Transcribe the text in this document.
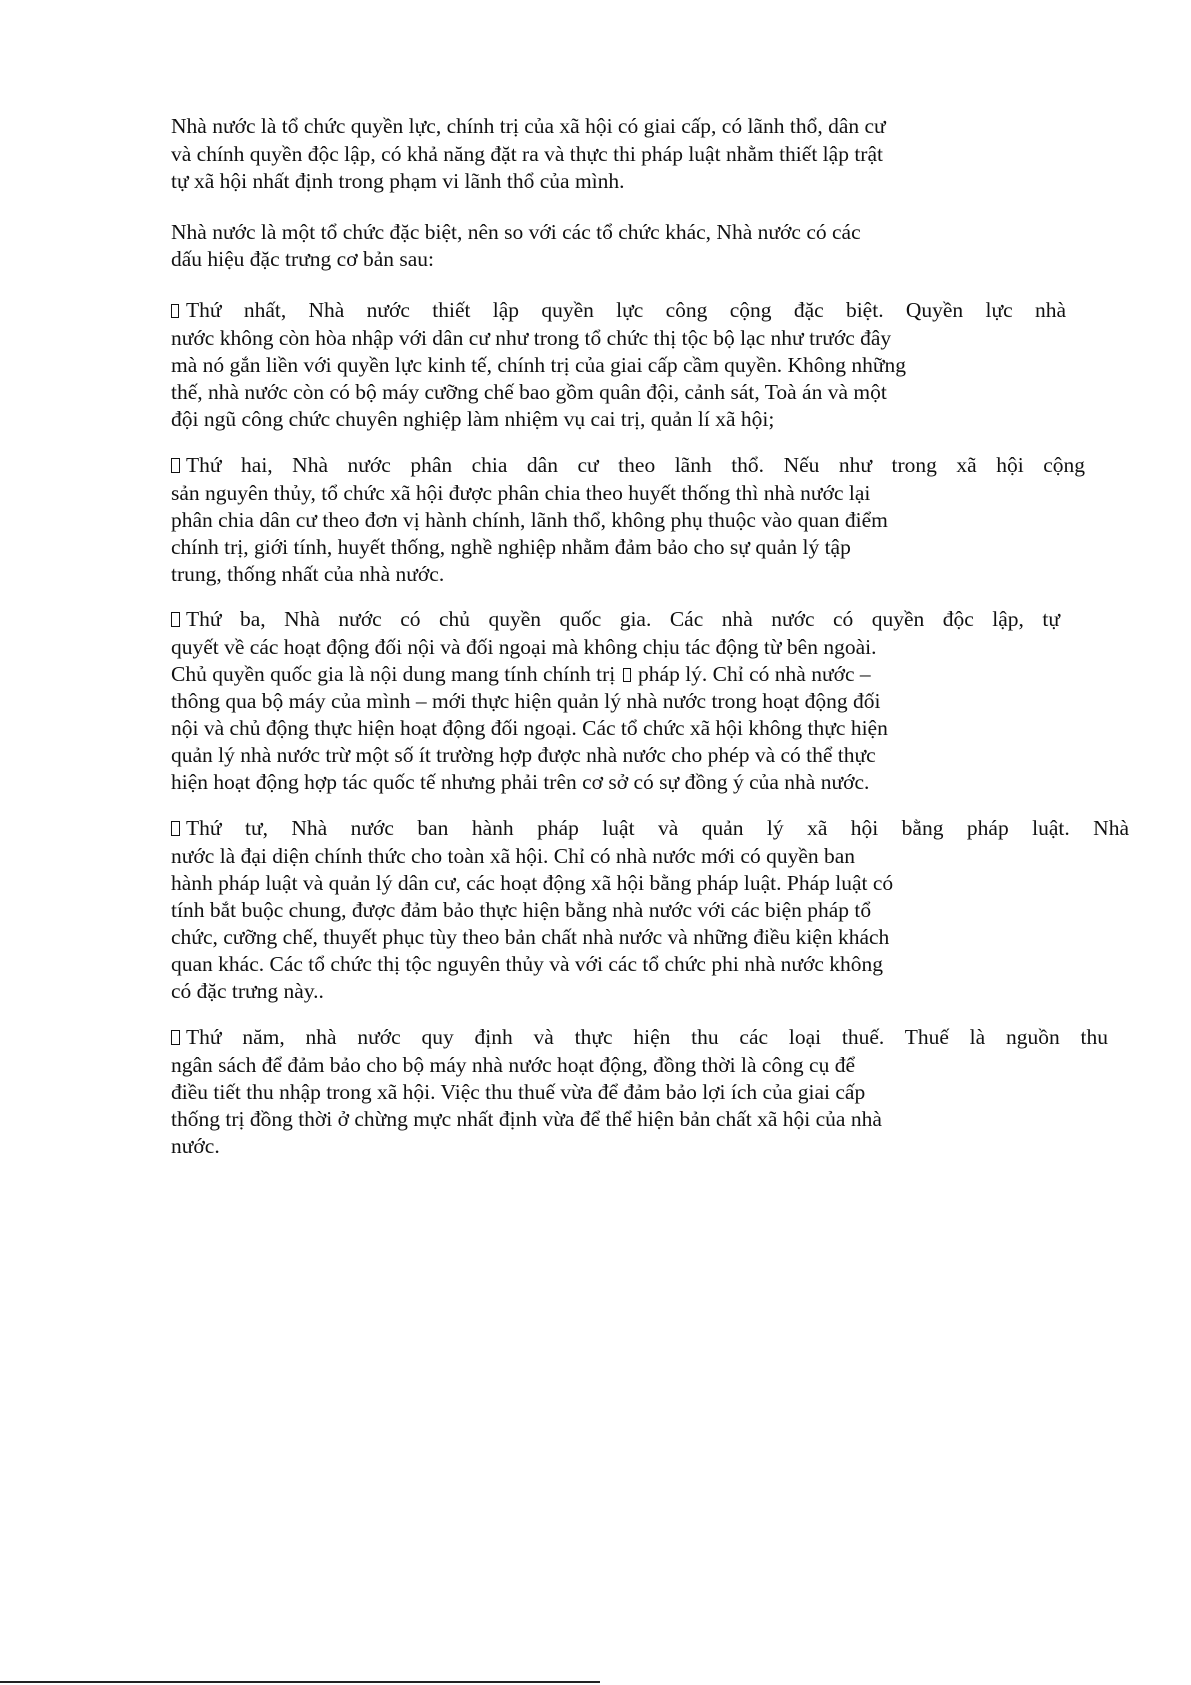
Nhà nước là tổ chức quyền lực, chính trị của xã hội có giai cấp, có lãnh thổ, dân cư
và chính quyền độc lập, có khả năng đặt ra và thực thi pháp luật nhằm thiết lập trật
tự xã hội nhất định trong phạm vi lãnh thổ của mình.
Nhà nước là một tổ chức đặc biệt, nên so với các tổ chức khác, Nhà nước có các
dấu hiệu đặc trưng cơ bản sau:
Thứ nhất, Nhà nước thiết lập quyền lực công cộng đặc biệt. Quyền lực nhà
nước không còn hòa nhập với dân cư như trong tổ chức thị tộc bộ lạc như trước đây
mà nó gắn liền với quyền lực kinh tế, chính trị của giai cấp cầm quyền. Không những
thế, nhà nước còn có bộ máy cưỡng chế bao gồm quân đội, cảnh sát, Toà án và một
đội ngũ công chức chuyên nghiệp làm nhiệm vụ cai trị, quản lí xã hội;
Thứ hai, Nhà nước phân chia dân cư theo lãnh thổ. Nếu như trong xã hội cộng
sản nguyên thủy, tổ chức xã hội được phân chia theo huyết thống thì nhà nước lại
phân chia dân cư theo đơn vị hành chính, lãnh thổ, không phụ thuộc vào quan điểm
chính trị, giới tính, huyết thống, nghề nghiệp nhằm đảm bảo cho sự quản lý tập
trung, thống nhất của nhà nước.
Thứ ba, Nhà nước có chủ quyền quốc gia. Các nhà nước có quyền độc lập, tự
quyết về các hoạt động đối nội và đối ngoại mà không chịu tác động từ bên ngoài.
Chủ quyền quốc gia là nội dung mang tính chính trị pháp lý. Chỉ có nhà nước –
thông qua bộ máy của mình – mới thực hiện quản lý nhà nước trong hoạt động đối
nội và chủ động thực hiện hoạt động đối ngoại. Các tổ chức xã hội không thực hiện
quản lý nhà nước trừ một số ít trường hợp được nhà nước cho phép và có thể thực
hiện hoạt động hợp tác quốc tế nhưng phải trên cơ sở có sự đồng ý của nhà nước.
Thứ tư, Nhà nước ban hành pháp luật và quản lý xã hội bằng pháp luật. Nhà
nước là đại diện chính thức cho toàn xã hội. Chỉ có nhà nước mới có quyền ban
hành pháp luật và quản lý dân cư, các hoạt động xã hội bằng pháp luật. Pháp luật có
tính bắt buộc chung, được đảm bảo thực hiện bằng nhà nước với các biện pháp tổ
chức, cưỡng chế, thuyết phục tùy theo bản chất nhà nước và những điều kiện khách
quan khác. Các tổ chức thị tộc nguyên thủy và với các tổ chức phi nhà nước không
có đặc trưng này..
Thứ năm, nhà nước quy định và thực hiện thu các loại thuế. Thuế là nguồn thu
ngân sách để đảm bảo cho bộ máy nhà nước hoạt động, đồng thời là công cụ để
điều tiết thu nhập trong xã hội. Việc thu thuế vừa để đảm bảo lợi ích của giai cấp
thống trị đồng thời ở chừng mực nhất định vừa để thể hiện bản chất xã hội của nhà
nước.
